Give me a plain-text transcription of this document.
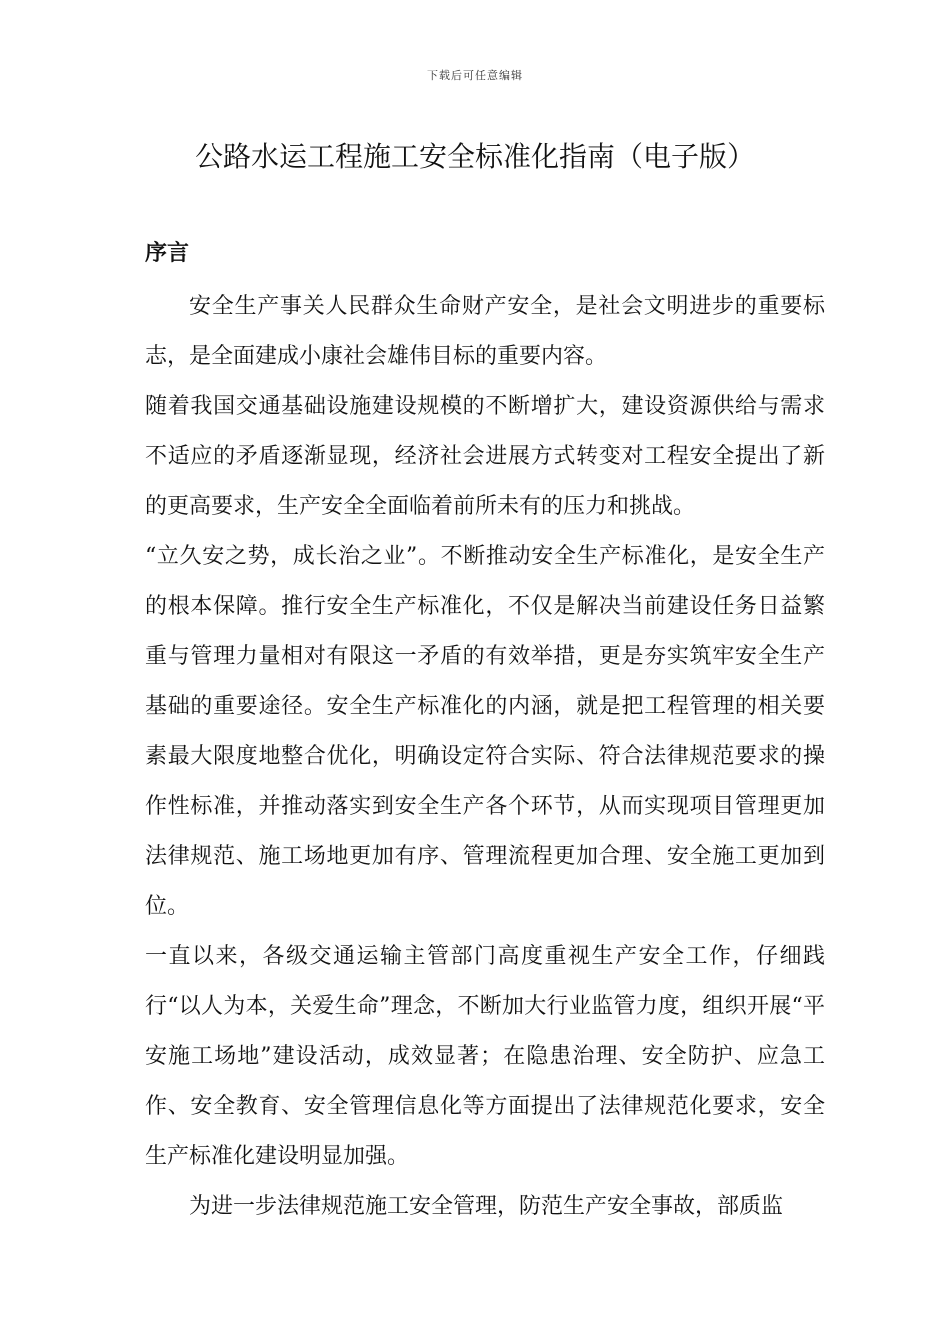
下载后可任意编辑
公路水运工程施工安全标准化指南（电子版）
序言

安全生产事关人民群众生命财产安全，是社会文明进步的重要标志，是全面建成小康社会雄伟目标的重要内容。

随着我国交通基础设施建设规模的不断增扩大，建设资源供给与需求不适应的矛盾逐渐显现，经济社会进展方式转变对工程安全提出了新的更高要求，生产安全全面临着前所未有的压力和挑战。

“立久安之势，成长治之业”。不断推动安全生产标准化，是安全生产的根本保障。推行安全生产标准化，不仅是解决当前建设任务日益繁重与管理力量相对有限这一矛盾的有效举措，更是夯实筑牢安全生产基础的重要途径。安全生产标准化的内涵，就是把工程管理的相关要素最大限度地整合优化，明确设定符合实际、符合法律规范要求的操作性标准，并推动落实到安全生产各个环节，从而实现项目管理更加法律规范、施工场地更加有序、管理流程更加合理、安全施工更加到位。

一直以来，各级交通运输主管部门高度重视生产安全工作，仔细践行“以人为本，关爱生命”理念，不断加大行业监管力度，组织开展“平安施工场地”建设活动，成效显著；在隐患治理、安全防护、应急工作、安全教育、安全管理信息化等方面提出了法律规范化要求，安全生产标准化建设明显加强。

为进一步法律规范施工安全管理，防范生产安全事故，部质监
